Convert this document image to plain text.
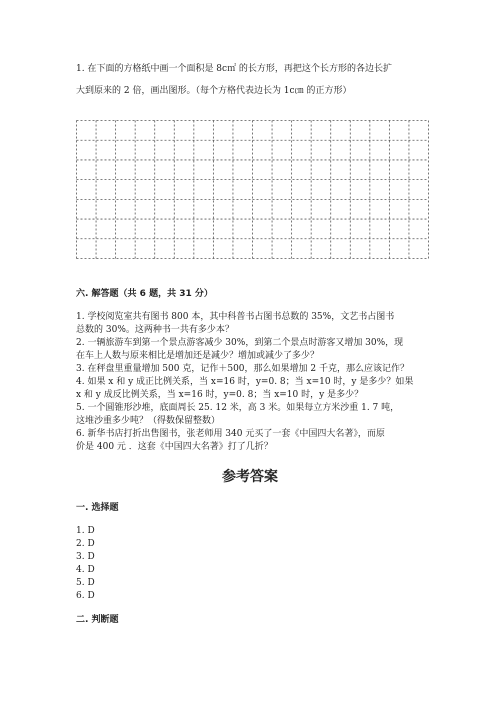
1. 在下面的方格纸中画一个面积是 8c㎡ 的长方形，再把这个长方形的各边长扩
大到原来的 2 倍，画出图形。（每个方格代表边长为 1c㎝ 的正方形）
六. 解答题（共 6 题，共 31 分）
1. 学校阅览室共有图书 800 本，其中科普书占图书总数的 35%，文艺书占图书
总数的 30%。这两种书一共有多少本？
2. 一辆旅游车到第一个景点游客减少 30%，到第二个景点时游客又增加 30%，现
在车上人数与原来相比是增加还是减少？增加或减少了多少？
3. 在秤盘里重量增加 500 克，记作＋500，那么如果增加 2 千克，那么应该记作？
4. 如果 x 和 y 成正比例关系，当 x=16 时，y=0. 8；当 x=10 时，y 是多少？如果
x 和 y 成反比例关系，当 x=16 时，y=0. 8；当 x=10 时，y 是多少？
5. 一个圆锥形沙堆，底面周长 25. 12 米，高 3 米。如果每立方米沙重 1. 7 吨，
这堆沙重多少吨？（得数保留整数）
6. 新华书店打折出售图书，张老师用 340 元买了一套《中国四大名著》，而原
价是 400 元 ．这套《中国四大名著》打了几折？
参考答案
一. 选择题
1. D
2. D
3. D
4. D
5. D
6. D
二. 判断题
